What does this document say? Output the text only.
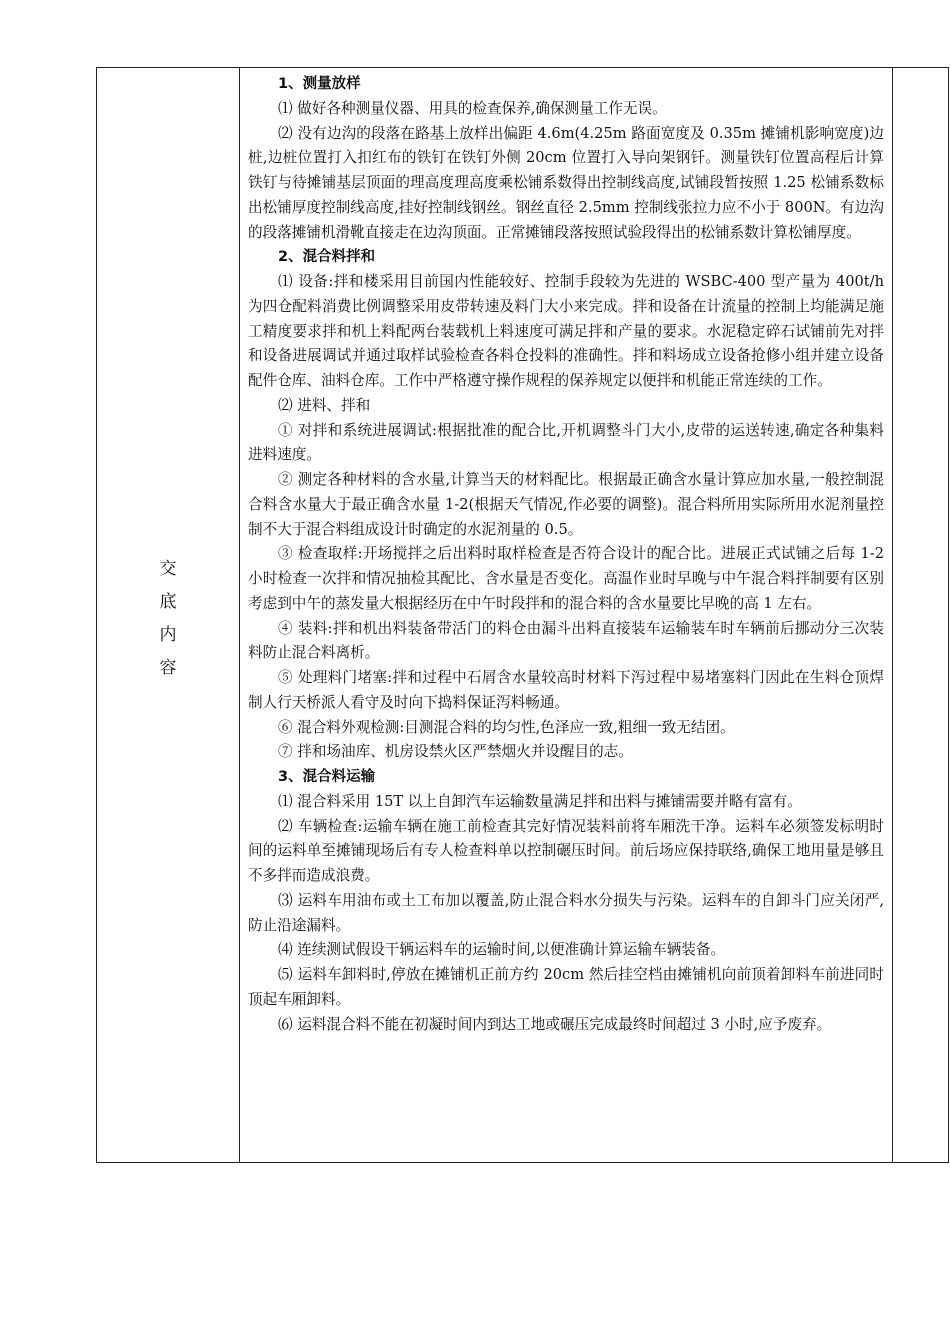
交
底
内
容

1、测量放样

⑴ 做好各种测量仪器、用具的检查保养,确保测量工作无误。

⑵ 没有边沟的段落在路基上放样出偏距 4.6m(4.25m 路面宽度及 0.35m 摊铺机影响宽度)边桩,边桩位置打入扣红布的铁钉在铁钉外侧 20cm 位置打入导向架钢钎。测量铁钉位置高程后计算铁钉与待摊铺基层顶面的理高度理高度乘松铺系数得出控制线高度,试铺段暂按照 1.25 松铺系数标出松铺厚度控制线高度,挂好控制线钢丝。钢丝直径 2.5mm 控制线张拉力应不小于 800N。有边沟的段落摊铺机滑靴直接走在边沟顶面。正常摊铺段落按照试验段得出的松铺系数计算松铺厚度。

2、混合料拌和

⑴ 设备:拌和楼采用目前国内性能较好、控制手段较为先进的 WSBC-400 型产量为 400t/h 为四仓配料消费比例调整采用皮带转速及料门大小来完成。拌和设备在计流量的控制上均能满足施工精度要求拌和机上料配两台装载机上料速度可满足拌和产量的要求。水泥稳定碎石试铺前先对拌和设备进展调试并通过取样试验检查各料仓投料的准确性。拌和料场成立设备抢修小组并建立设备配件仓库、油料仓库。工作中严格遵守操作规程的保养规定以便拌和机能正常连续的工作。

⑵ 进料、拌和

① 对拌和系统进展调试:根据批准的配合比,开机调整斗门大小,皮带的运送转速,确定各种集料进料速度。

② 测定各种材料的含水量,计算当天的材料配比。根据最正确含水量计算应加水量,一般控制混合料含水量大于最正确含水量 1-2(根据天气情况,作必要的调整)。混合料所用实际所用水泥剂量控制不大于混合料组成设计时确定的水泥剂量的 0.5。

③ 检查取样:开场搅拌之后出料时取样检查是否符合设计的配合比。进展正式试铺之后每 1-2 小时检查一次拌和情况抽检其配比、含水量是否变化。高温作业时早晚与中午混合料拌制要有区别考虑到中午的蒸发量大根据经历在中午时段拌和的混合料的含水量要比早晚的高 1 左右。

④ 装料:拌和机出料装备带活门的料仓由漏斗出料直接装车运输装车时车辆前后挪动分三次装料防止混合料离析。

⑤ 处理料门堵塞:拌和过程中石屑含水量较高时材料下泻过程中易堵塞料门因此在生料仓顶焊制人行天桥派人看守及时向下捣料保证泻料畅通。

⑥ 混合料外观检测:目测混合料的均匀性,色泽应一致,粗细一致无结团。

⑦ 拌和场油库、机房设禁火区严禁烟火并设醒目的志。

3、混合料运输

⑴ 混合料采用 15T 以上自卸汽车运输数量满足拌和出料与摊铺需要并略有富有。

⑵ 车辆检查:运输车辆在施工前检查其完好情况装料前将车厢洗干净。运料车必须签发标明时间的运料单至摊铺现场后有专人检查料单以控制碾压时间。前后场应保持联络,确保工地用量是够且不多拌而造成浪费。

⑶ 运料车用油布或土工布加以覆盖,防止混合料水分损失与污染。运料车的自卸斗门应关闭严,防止沿途漏料。

⑷ 连续测试假设干辆运料车的运输时间,以便准确计算运输车辆装备。

⑸ 运料车卸料时,停放在摊铺机正前方约 20cm 然后挂空档由摊铺机向前顶着卸料车前进同时顶起车厢卸料。

⑹ 运料混合料不能在初凝时间内到达工地或碾压完成最终时间超过 3 小时,应予废弃。
